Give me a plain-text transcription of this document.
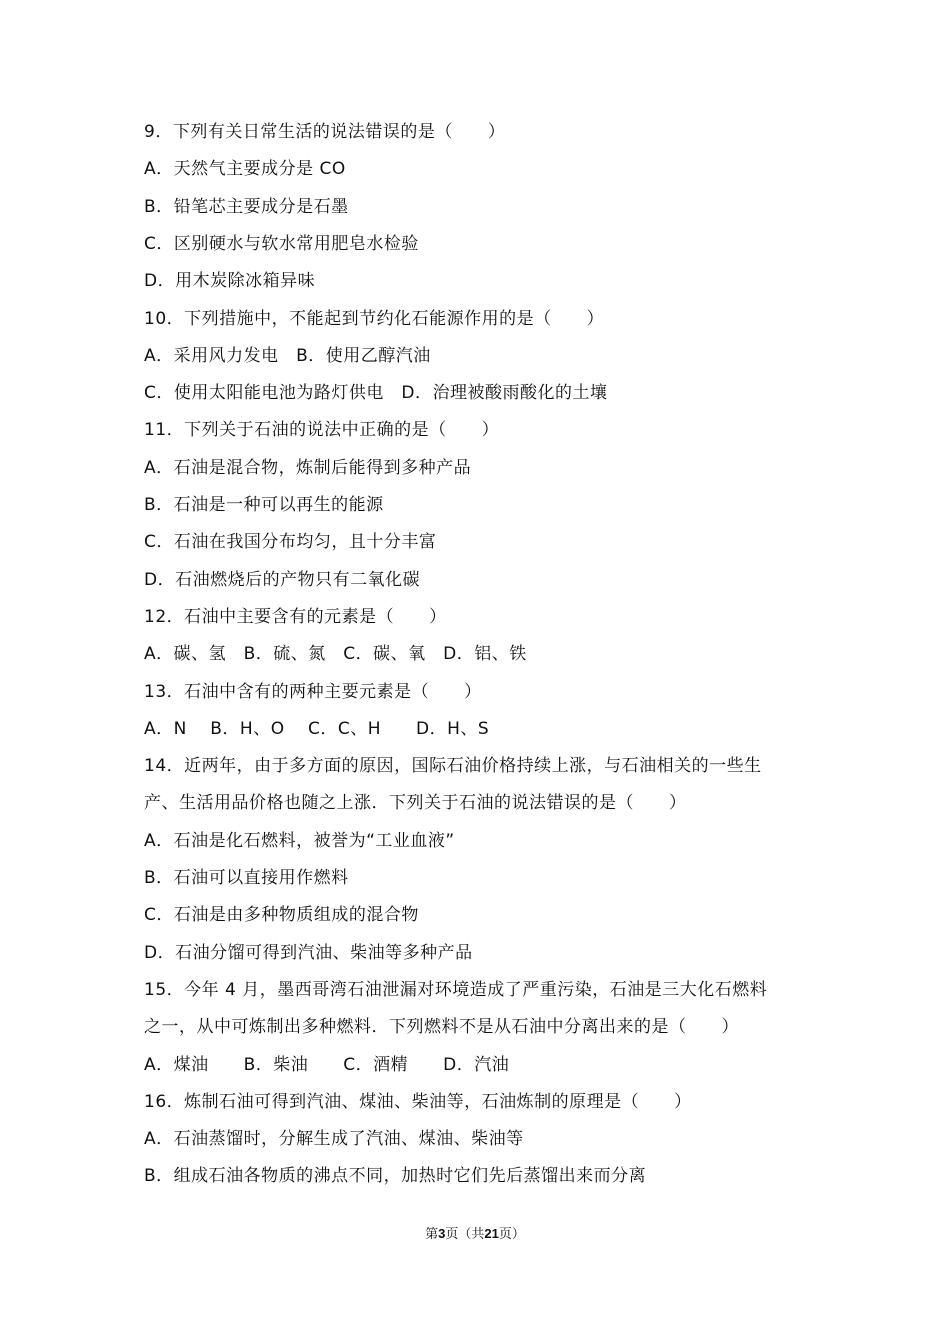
9．下列有关日常生活的说法错误的是（　　）
A．天然气主要成分是 CO
B．铅笔芯主要成分是石墨
C．区别硬水与软水常用肥皂水检验
D．用木炭除冰箱异味
10．下列措施中，不能起到节约化石能源作用的是（　　）
A．采用风力发电　B．使用乙醇汽油
C．使用太阳能电池为路灯供电　D．治理被酸雨酸化的土壤
11．下列关于石油的说法中正确的是（　　）
A．石油是混合物，炼制后能得到多种产品
B．石油是一种可以再生的能源
C．石油在我国分布均匀，且十分丰富
D．石油燃烧后的产物只有二氧化碳
12．石油中主要含有的元素是（　　）
A．碳、氢　B．硫、氮　C．碳、氧　D．铝、铁
13．石油中含有的两种主要元素是（　　）
A．N　 B．H、O　 C．C、H　　D．H、S
14．近两年，由于多方面的原因，国际石油价格持续上涨，与石油相关的一些生
产、生活用品价格也随之上涨．下列关于石油的说法错误的是（　　）
A．石油是化石燃料，被誉为“工业血液”
B．石油可以直接用作燃料
C．石油是由多种物质组成的混合物
D．石油分馏可得到汽油、柴油等多种产品
15．今年 4 月，墨西哥湾石油泄漏对环境造成了严重污染，石油是三大化石燃料
之一，从中可炼制出多种燃料．下列燃料不是从石油中分离出来的是（　　）
A．煤油　　B．柴油　　C．酒精　　D．汽油
16．炼制石油可得到汽油、煤油、柴油等，石油炼制的原理是（　　）
A．石油蒸馏时，分解生成了汽油、煤油、柴油等
B．组成石油各物质的沸点不同，加热时它们先后蒸馏出来而分离
第3页（共21页）
